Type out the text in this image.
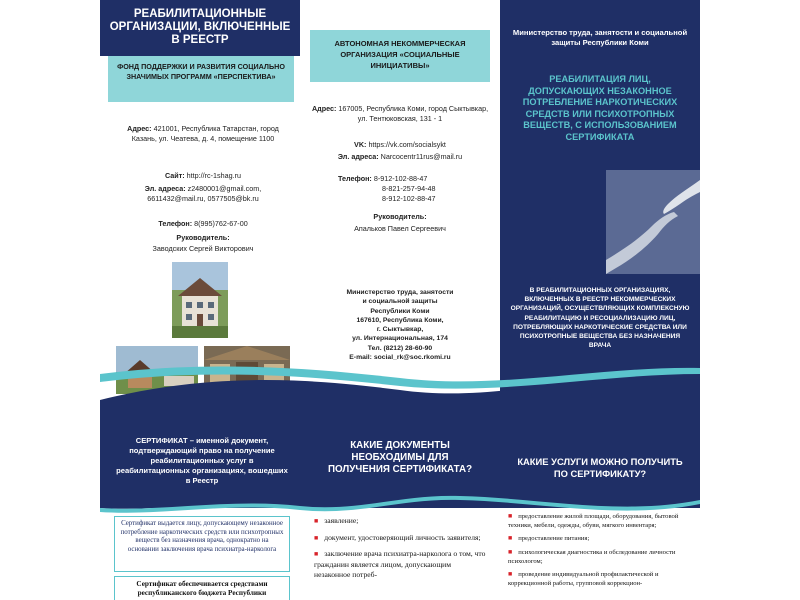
РЕАБИЛИТАЦИОННЫЕ ОРГАНИЗАЦИИ, ВКЛЮЧЕННЫЕ В РЕЕСТР
ФОНД ПОДДЕРЖКИ И РАЗВИТИЯ СОЦИАЛЬНО ЗНАЧИМЫХ ПРОГРАММ «ПЕРСПЕКТИВА»
Адрес: 421001, Республика Татарстан, город Казань, ул. Чеатева, д. 4, помещение 1100
Сайт: http://rc-1shag.ru
Эл. адреса: z2480001@gmail.com,
6611432@mail.ru, 0577505@bk.ru
Телефон: 8(995)762-67-00
Руководитель:
Заводских Сергей Викторович
АВТОНОМНАЯ НЕКОММЕРЧЕСКАЯ ОРГАНИЗАЦИЯ «СОЦИАЛЬНЫЕ ИНИЦИАТИВЫ»
Адрес: 167005, Республика Коми, город Сыктывкар, ул. Тентюковская, 131 - 1
VK: https://vk.com/socialsykt
Эл. адреса: Narcocentr11rus@mail.ru
Телефон: 8-912-102-88-47
8-821-257-94-48
8-912-102-88-47
Руководитель:
Апальков Павел Сергеевич
Министерство труда, занятости
и социальной защиты
Республики Коми
167610, Республика Коми,
г. Сыктывкар,
ул. Интернациональная, 174
Тел. (8212) 28-60-90
E-mail: social_rk@soc.rkomi.ru
Министерство труда, занятости и социальной защиты Республики Коми
РЕАБИЛИТАЦИЯ ЛИЦ, ДОПУСКАЮЩИХ НЕЗАКОННОЕ ПОТРЕБЛЕНИЕ НАРКОТИЧЕСКИХ СРЕДСТВ ИЛИ ПСИХОТРОПНЫХ ВЕЩЕСТВ, С ИСПОЛЬЗОВАНИЕМ СЕРТИФИКАТА
В РЕАБИЛИТАЦИОННЫХ ОРГАНИЗАЦИЯХ, ВКЛЮЧЕННЫХ В РЕЕСТР НЕКОММЕРЧЕСКИХ ОРГАНИЗАЦИЙ, ОСУЩЕСТВЛЯЮЩИХ КОМПЛЕКСНУЮ РЕАБИЛИТАЦИЮ И РЕСОЦИАЛИЗАЦИЮ ЛИЦ, ПОТРЕБЛЯЮЩИХ НАРКОТИЧЕСКИЕ СРЕДСТВА ИЛИ ПСИХОТРОПНЫЕ ВЕЩЕСТВА БЕЗ НАЗНАЧЕНИЯ ВРАЧА
СЕРТИФИКАТ – именной документ, подтверждающий право на получение реабилитационных услуг в реабилитационных организациях, вошедших в Реестр
КАКИЕ ДОКУМЕНТЫ НЕОБХОДИМЫ ДЛЯ ПОЛУЧЕНИЯ СЕРТИФИКАТА?
КАКИЕ УСЛУГИ МОЖНО ПОЛУЧИТЬ ПО СЕРТИФИКАТУ?
Сертификат выдается лицу, допускающему незаконное потребление наркотических средств или психотропных веществ без назначения врача, однократно на основании заключения врача психиатра-нарколога
Сертификат обеспечивается средствами республиканского бюджета Республики
■ заявление;
■ документ, удостоверяющий личность заявителя;
■ заключение врача психиатра-нарколога о том, что гражданин является лицом, допускающим незаконное потреб-
■ предоставление жилой площади, оборудования, бытовой техники, мебели, одежды, обуви, мягкого инвентаря;
■ предоставление питания;
■ психологическая диагностика и обследование личности психологом;
■ проведение индивидуальной профилактической и коррекционной работы, групповой коррекцион-
